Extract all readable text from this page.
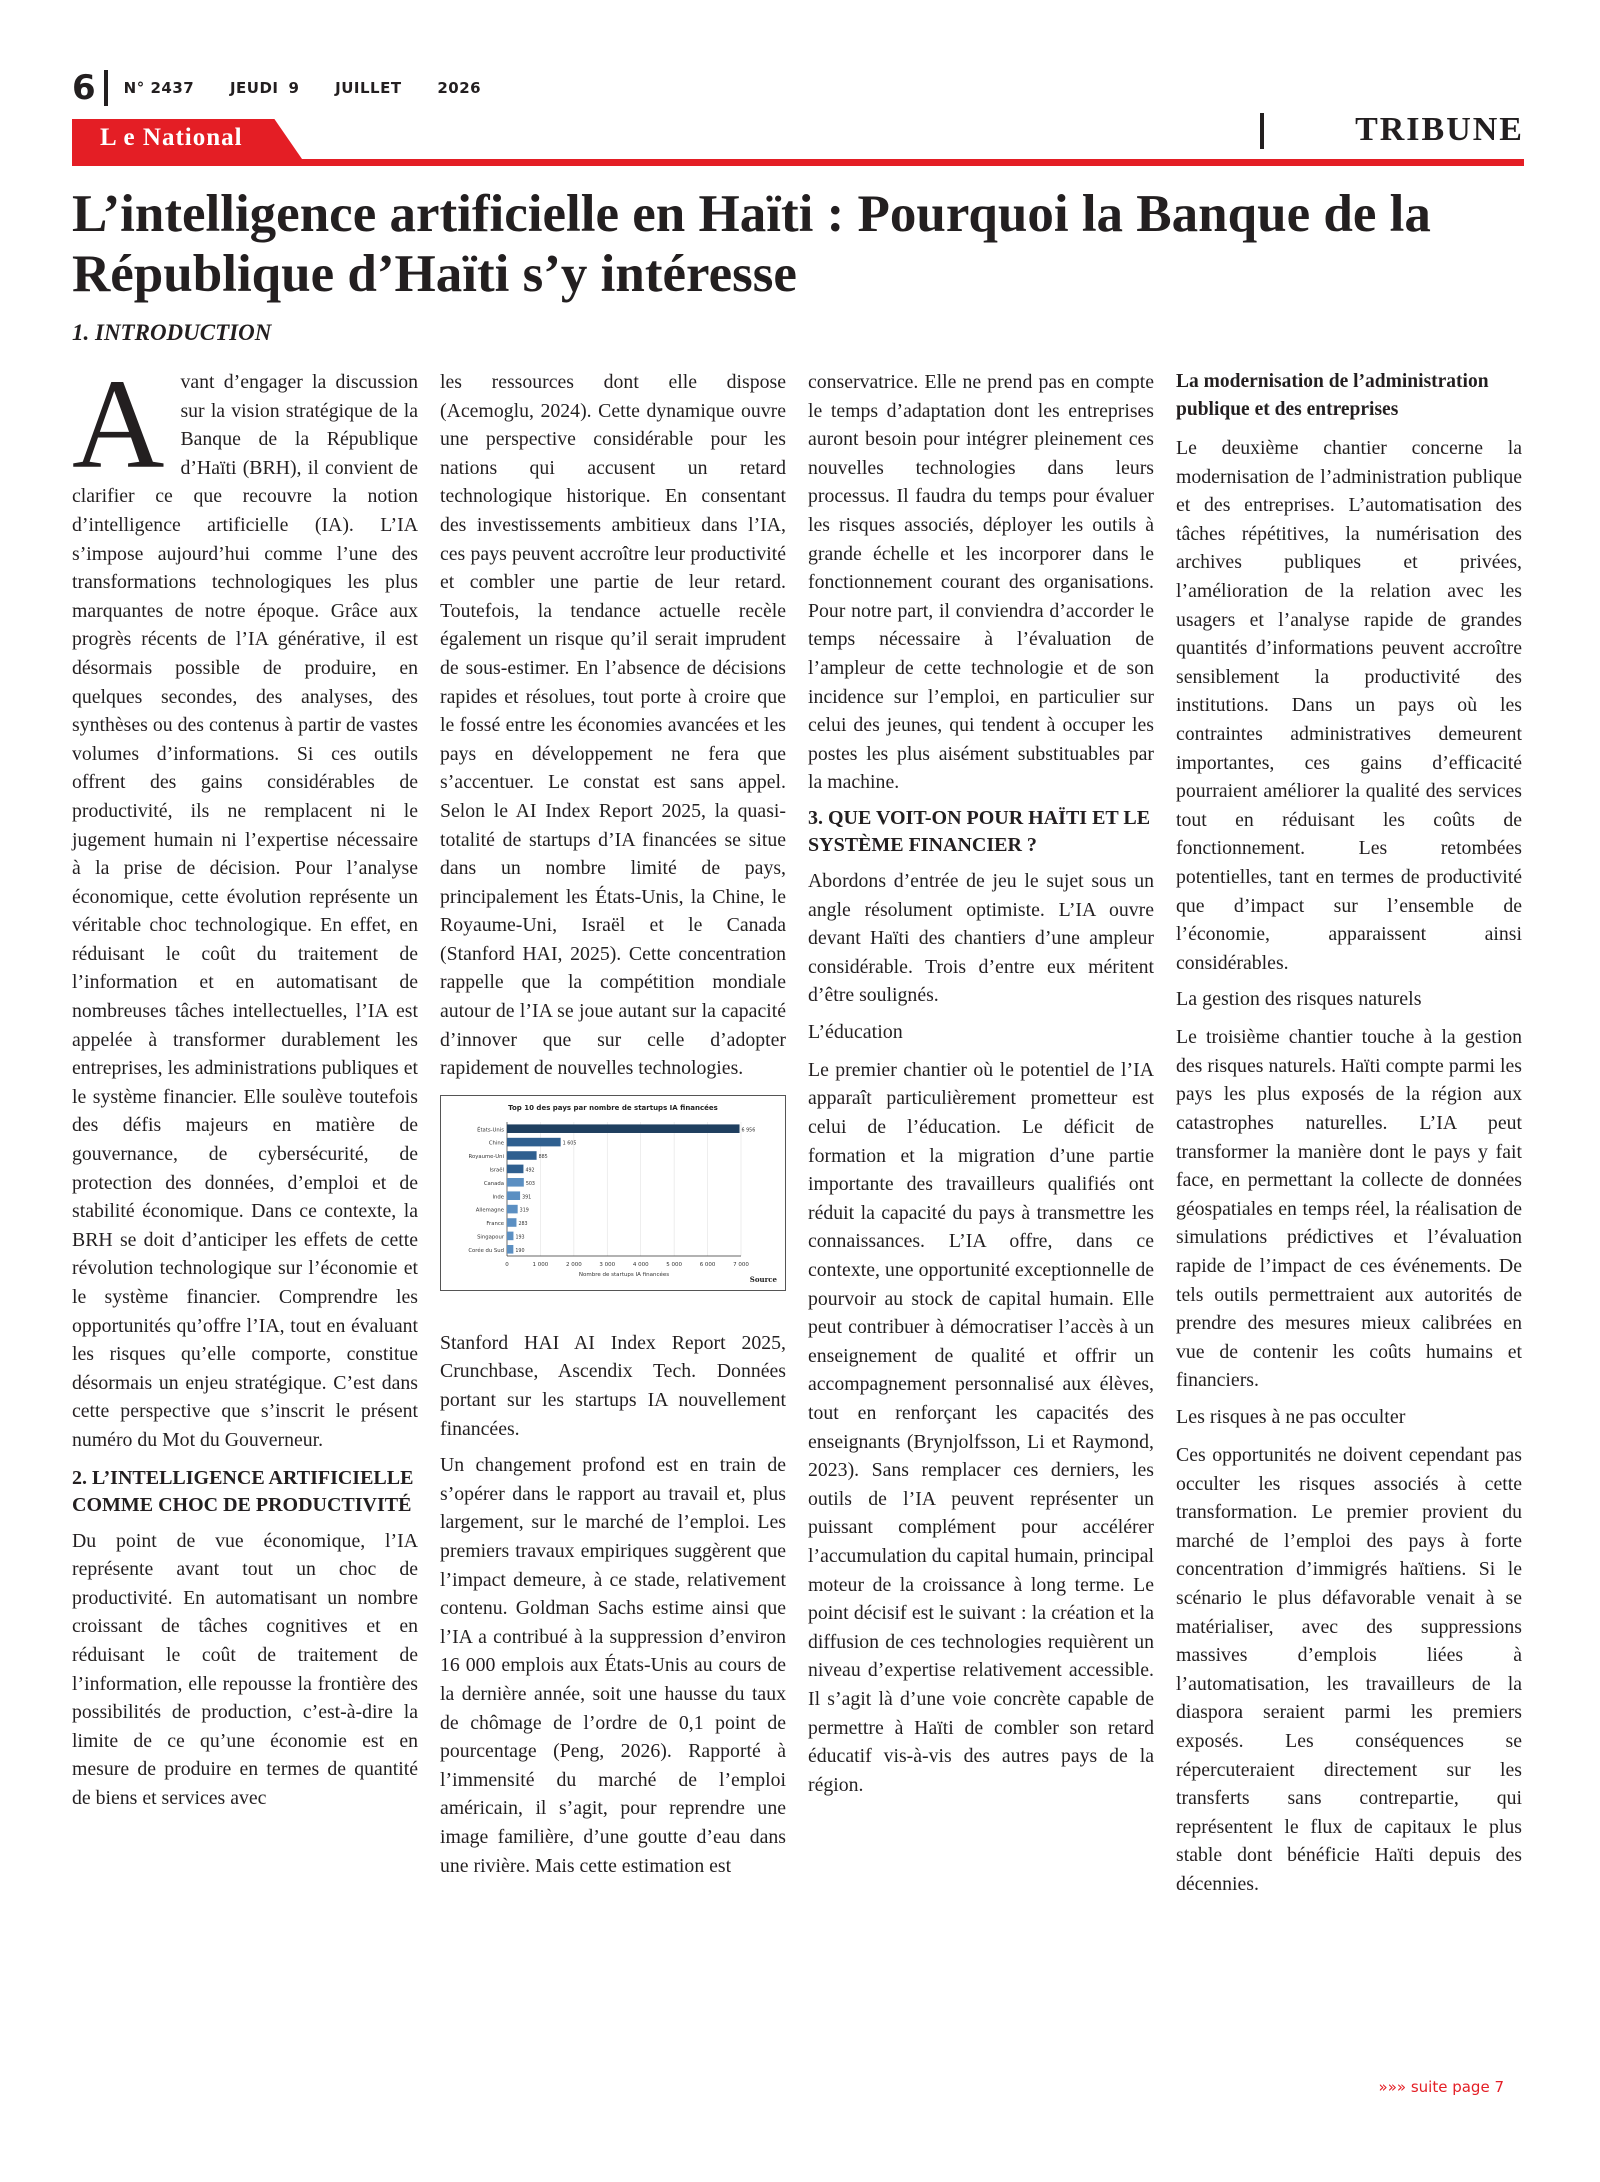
6 N° 2437 JEUDI 9 JUILLET 2026
L e National	TRIBUNE
L’intelligence artificielle en Haïti : Pourquoi la Banque de la République d’Haïti s’y intéresse
1. INTRODUCTION

Avant d’engager la discussion sur la vision stratégique de la Banque de la République d’Haïti (BRH), il convient de clarifier ce que recouvre la notion d’intelligence artificielle (IA). L’IA s’impose aujourd’hui comme l’une des transformations technologiques les plus marquantes de notre époque. Grâce aux progrès récents de l’IA générative, il est désormais possible de produire, en quelques secondes, des analyses, des synthèses ou des contenus à partir de vastes volumes d’informations. Si ces outils offrent des gains considérables de productivité, ils ne remplacent ni le jugement humain ni l’expertise nécessaire à la prise de décision. Pour l’analyse économique, cette évolution représente un véritable choc technologique. En effet, en réduisant le coût du traitement de l’information et en automatisant de nombreuses tâches intellectuelles, l’IA est appelée à transformer durablement les entreprises, les administrations publiques et le système financier. Elle soulève toutefois des défis majeurs en matière de gouvernance, de cybersécurité, de protection des données, d’emploi et de stabilité économique. Dans ce contexte, la BRH se doit d’anticiper les effets de cette révolution technologique sur l’économie et le système financier. Comprendre les opportunités qu’offre l’IA, tout en évaluant les risques qu’elle comporte, constitue désormais un enjeu stratégique. C’est dans cette perspective que s’inscrit le présent numéro du Mot du Gouverneur.

2. L’INTELLIGENCE ARTIFICIELLE COMME CHOC DE PRODUCTIVITÉ

Du point de vue économique, l’IA représente avant tout un choc de productivité. En automatisant un nombre croissant de tâches cognitives et en réduisant le coût de traitement de l’information, elle repousse la frontière des possibilités de production, c’est-à-dire la limite de ce qu’une économie est en mesure de produire en termes de quantité de biens et services avec

les ressources dont elle dispose (Acemoglu, 2024). Cette dynamique ouvre une perspective considérable pour les nations qui accusent un retard technologique historique. En consentant des investissements ambitieux dans l’IA, ces pays peuvent accroître leur productivité et combler une partie de leur retard. Toutefois, la tendance actuelle recèle également un risque qu’il serait imprudent de sous-estimer. En l’absence de décisions rapides et résolues, tout porte à croire que le fossé entre les économies avancées et les pays en développement ne fera que s’accentuer. Le constat est sans appel. Selon le AI Index Report 2025, la quasi-totalité de startups d’IA financées se situe dans un nombre limité de pays, principalement les États-Unis, la Chine, le Royaume-Uni, Israël et le Canada (Stanford HAI, 2025). Cette concentration rappelle que la compétition mondiale autour de l’IA se joue autant sur la capacité d’innover que sur celle d’adopter rapidement de nouvelles technologies.

Top 10 des pays par nombre de startups IA financées
0	1 000	2 000	3 000	4 000	5 000	6 000	7 000
États-Unis	6 956
Chine	1 605
Royaume-Uni	885
Israël	492
Canada	503
Inde	391
Allemagne	319
France	283
Singapour 193
Corée du Sud 190
Nombre de startups IA financées	Source

Stanford HAI AI Index Report 2025, Crunchbase, Ascendix Tech. Données portant sur les startups IA nouvellement financées.

Un changement profond est en train de s’opérer dans le rapport au travail et, plus largement, sur le marché de l’emploi. Les premiers travaux empiriques suggèrent que l’impact demeure, à ce stade, relativement contenu. Goldman Sachs estime ainsi que l’IA a contribué à la suppression d’environ 16 000 emplois aux États-Unis au cours de la dernière année, soit une hausse du taux de chômage de l’ordre de 0,1 point de pourcentage (Peng, 2026). Rapporté à l’immensité du marché de l’emploi américain, il s’agit, pour reprendre une image familière, d’une goutte d’eau dans une rivière. Mais cette estimation est

conservatrice. Elle ne prend pas en compte le temps d’adaptation dont les entreprises auront besoin pour intégrer pleinement ces nouvelles technologies dans leurs processus. Il faudra du temps pour évaluer les risques associés, déployer les outils à grande échelle et les incorporer dans le fonctionnement courant des organisations. Pour notre part, il conviendra d’accorder le temps nécessaire à l’évaluation de l’ampleur de cette technologie et de son incidence sur l’emploi, en particulier sur celui des jeunes, qui tendent à occuper les postes les plus aisément substituables par la machine.

3. QUE VOIT-ON POUR HAÏTI ET LE SYSTÈME FINANCIER ?

Abordons d’entrée de jeu le sujet sous un angle résolument optimiste. L’IA ouvre devant Haïti des chantiers d’une ampleur considérable. Trois d’entre eux méritent d’être soulignés.

L’éducation

Le premier chantier où le potentiel de l’IA apparaît particulièrement prometteur est celui de l’éducation. Le déficit de formation et la migration d’une partie importante des travailleurs qualifiés ont réduit la capacité du pays à transmettre les connaissances. L’IA offre, dans ce contexte, une opportunité exceptionnelle de pourvoir au stock de capital humain. Elle peut contribuer à démocratiser l’accès à un enseignement de qualité et offrir un accompagnement personnalisé aux élèves, tout en renforçant les capacités des enseignants (Brynjolfsson, Li et Raymond, 2023). Sans remplacer ces derniers, les outils de l’IA peuvent représenter un puissant complément pour accélérer l’accumulation du capital humain, principal moteur de la croissance à long terme. Le point décisif est le suivant : la création et la diffusion de ces technologies requièrent un niveau d’expertise relativement accessible. Il s’agit là d’une voie concrète capable de permettre à Haïti de combler son retard éducatif vis-à-vis des autres pays de la région.

La modernisation de l’administration publique et des entreprises

Le deuxième chantier concerne la modernisation de l’administration publique et des entreprises. L’automatisation des tâches répétitives, la numérisation des archives publiques et privées, l’amélioration de la relation avec les usagers et l’analyse rapide de grandes quantités d’informations peuvent accroître sensiblement la productivité des institutions. Dans un pays où les contraintes administratives demeurent importantes, ces gains d’efficacité pourraient améliorer la qualité des services tout en réduisant les coûts de fonctionnement. Les retombées potentielles, tant en termes de productivité que d’impact sur l’ensemble de l’économie, apparaissent ainsi considérables.

La gestion des risques naturels

Le troisième chantier touche à la gestion des risques naturels. Haïti compte parmi les pays les plus exposés de la région aux catastrophes naturelles. L’IA peut transformer la manière dont le pays y fait face, en permettant la collecte de données géospatiales en temps réel, la réalisation de simulations prédictives et l’évaluation rapide de l’impact de ces événements. De tels outils permettraient aux autorités de prendre des mesures mieux calibrées en vue de contenir les coûts humains et financiers.

Les risques à ne pas occulter

Ces opportunités ne doivent cependant pas occulter les risques associés à cette transformation. Le premier provient du marché de l’emploi des pays à forte concentration d’immigrés haïtiens. Si le scénario le plus défavorable venait à se matérialiser, avec des suppressions massives d’emplois liées à l’automatisation, les travailleurs de la diaspora seraient parmi les premiers exposés. Les conséquences se répercuteraient directement sur les transferts sans contrepartie, qui représentent le flux de capitaux le plus stable dont bénéficie Haïti depuis des décennies.

»»» suite page 7
